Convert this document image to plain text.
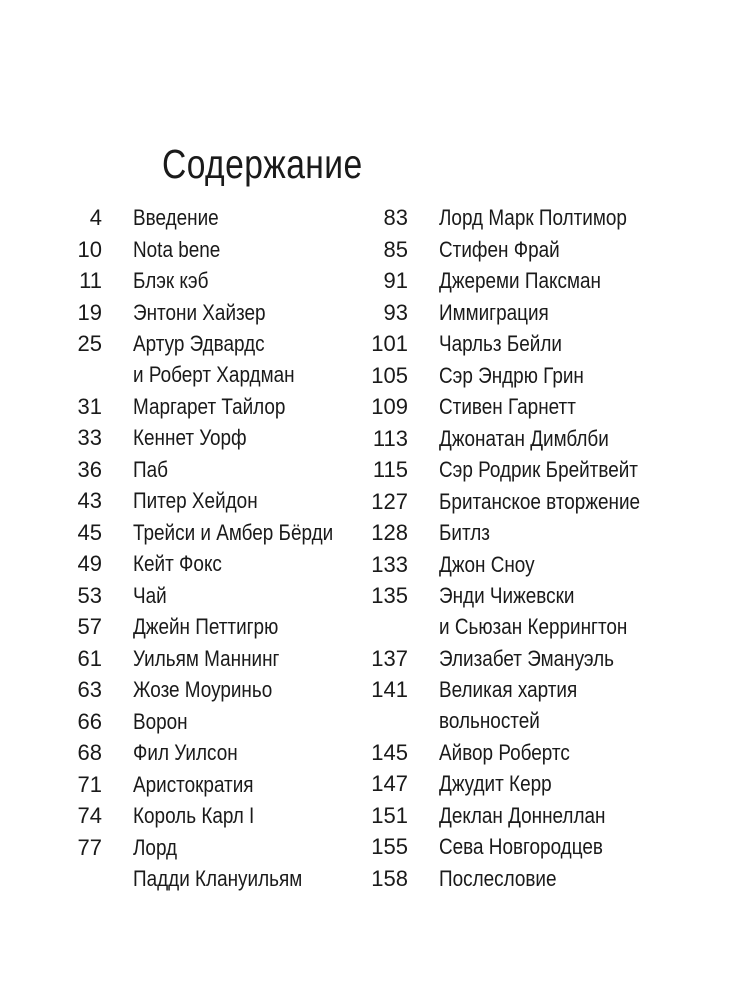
Содержание
4 Введение
10 Nota bene
11 Блэк кэб
19 Энтони Хайзер
25 Артур Эдвардс
и Роберт Хардман
31 Маргарет Тайлор
33 Кеннет Уорф
36 Паб
43 Питер Хейдон
45 Трейси и Амбер Бёрди
49 Кейт Фокс
53 Чай
57 Джейн Петтигрю
61 Уильям Маннинг
63 Жозе Моуриньо
66 Ворон
68 Фил Уилсон
71 Аристократия
74 Король Карл I
77 Лорд
Падди Клануильям
83 Лорд Марк Полтимор
85 Стифен Фрай
91 Джереми Паксман
93 Иммиграция
101 Чарльз Бейли
105 Сэр Эндрю Грин
109 Стивен Гарнетт
113 Джонатан Димблби
115 Сэр Родрик Брейтвейт
127 Британское вторжение
128 Битлз
133 Джон Сноу
135 Энди Чижевски
и Сьюзан Керрингтон
137 Элизабет Эмануэль
141 Великая хартия
вольностей
145 Айвор Робертс
147 Джудит Керр
151 Деклан Доннеллан
155 Сева Новгородцев
158 Послесловие
